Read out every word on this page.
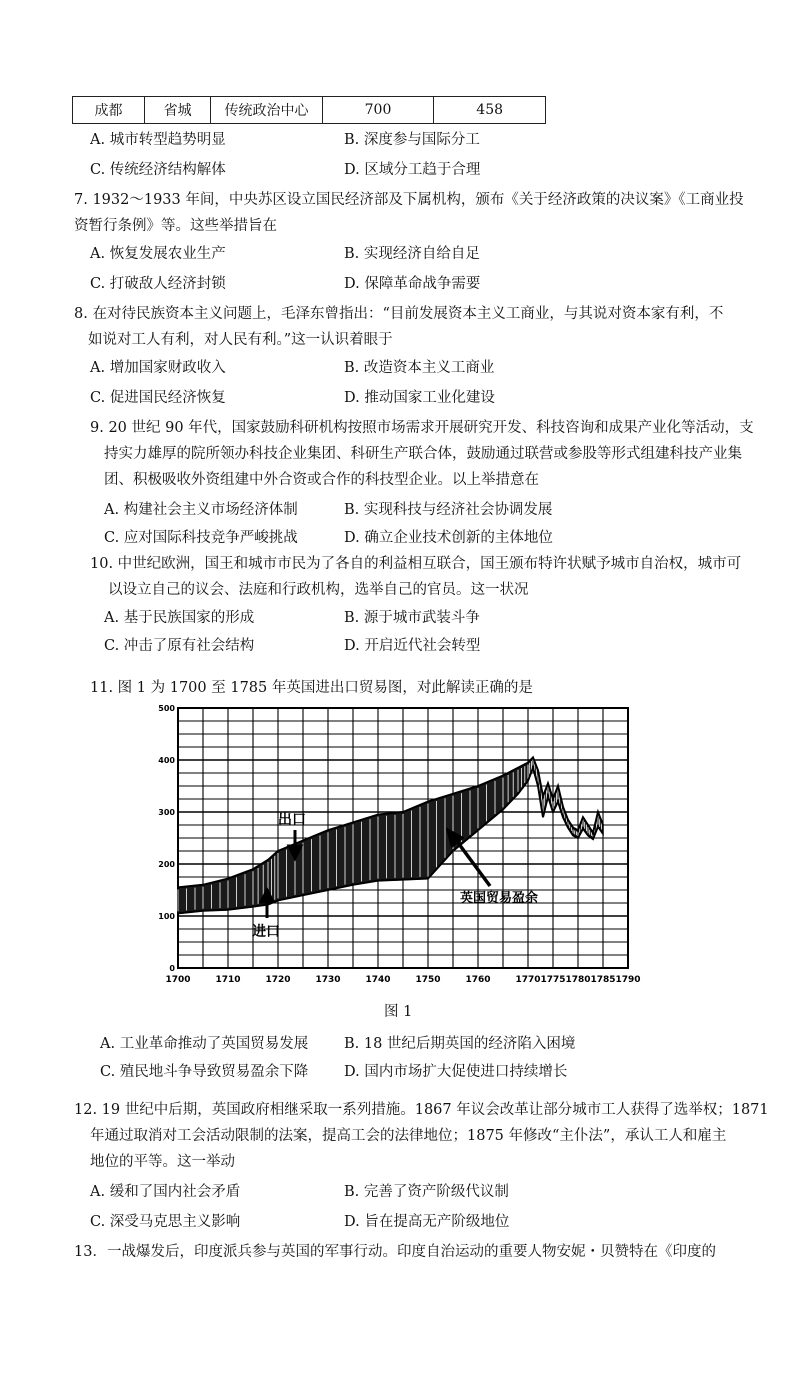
成都	省城	传统政治中心	700	458
A. 城市转型趋势明显	B. 深度参与国际分工
C. 传统经济结构解体	D. 区域分工趋于合理
7. 1932～1933 年间，中央苏区设立国民经济部及下属机构，颁布《关于经济政策的决议案》《工商业投
资暂行条例》等。这些举措旨在
A. 恢复发展农业生产	B. 实现经济自给自足
C. 打破敌人经济封锁	D. 保障革命战争需要
8. 在对待民族资本主义问题上，毛泽东曾指出：“目前发展资本主义工商业，与其说对资本家有利，不
如说对工人有利，对人民有利。”这一认识着眼于
A. 增加国家财政收入	B. 改造资本主义工商业
C. 促进国民经济恢复	D. 推动国家工业化建设
9. 20 世纪 90 年代，国家鼓励科研机构按照市场需求开展研究开发、科技咨询和成果产业化等活动，支
持实力雄厚的院所领办科技企业集团、科研生产联合体，鼓励通过联营或参股等形式组建科技产业集
团、积极吸收外资组建中外合资或合作的科技型企业。以上举措意在
A. 构建社会主义市场经济体制	B. 实现科技与经济社会协调发展
C. 应对国际科技竞争严峻挑战	D. 确立企业技术创新的主体地位
10. 中世纪欧洲，国王和城市市民为了各自的利益相互联合，国王颁布特许状赋予城市自治权，城市可
以设立自己的议会、法庭和行政机构，选举自己的官员。这一状况
A. 基于民族国家的形成	B. 源于城市武装斗争
C. 冲击了原有社会结构	D. 开启近代社会转型
11. 图 1 为 1700 至 1785 年英国进出口贸易图，对此解读正确的是
1700	1710	1720	1730	1740	1750	1760	1770 1775 1780 1785 1790
0
100
200
300
400
500
出口
进口
英国贸易盈余
图 1
A. 工业革命推动了英国贸易发展 B. 18 世纪后期英国的经济陷入困境
C. 殖民地斗争导致贸易盈余下降 D. 国内市场扩大促使进口持续增长
12. 19 世纪中后期，英国政府相继采取一系列措施。1867 年议会改革让部分城市工人获得了选举权；1871
年通过取消对工会活动限制的法案，提高工会的法律地位；1875 年修改“主仆法”，承认工人和雇主
地位的平等。这一举动
A. 缓和了国内社会矛盾	B. 完善了资产阶级代议制
C. 深受马克思主义影响	D. 旨在提高无产阶级地位
13．一战爆发后，印度派兵参与英国的军事行动。印度自治运动的重要人物安妮・贝赞特在《印度的
